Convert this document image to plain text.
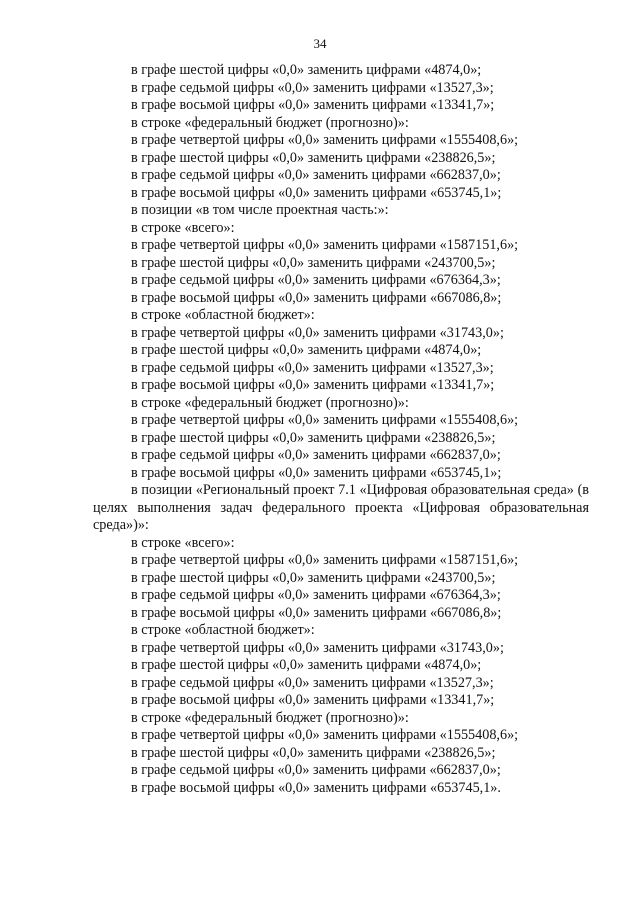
34
в графе шестой цифры «0,0» заменить цифрами «4874,0»;
в графе седьмой цифры «0,0» заменить цифрами «13527,3»;
в графе восьмой цифры «0,0» заменить цифрами «13341,7»;
в строке «федеральный бюджет (прогнозно)»:
в графе четвертой цифры «0,0» заменить цифрами «1555408,6»;
в графе шестой цифры «0,0» заменить цифрами «238826,5»;
в графе седьмой цифры «0,0» заменить цифрами «662837,0»;
в графе восьмой цифры «0,0» заменить цифрами «653745,1»;
в позиции «в том числе проектная часть:»:
в строке «всего»:
в графе четвертой цифры «0,0» заменить цифрами «1587151,6»;
в графе шестой цифры «0,0» заменить цифрами «243700,5»;
в графе седьмой цифры «0,0» заменить цифрами «676364,3»;
в графе восьмой цифры «0,0» заменить цифрами «667086,8»;
в строке «областной бюджет»:
в графе четвертой цифры «0,0» заменить цифрами «31743,0»;
в графе шестой цифры «0,0» заменить цифрами «4874,0»;
в графе седьмой цифры «0,0» заменить цифрами «13527,3»;
в графе восьмой цифры «0,0» заменить цифрами «13341,7»;
в строке «федеральный бюджет (прогнозно)»:
в графе четвертой цифры «0,0» заменить цифрами «1555408,6»;
в графе шестой цифры «0,0» заменить цифрами «238826,5»;
в графе седьмой цифры «0,0» заменить цифрами «662837,0»;
в графе восьмой цифры «0,0» заменить цифрами «653745,1»;
в позиции «Региональный проект 7.1 «Цифровая образовательная среда» (в целях выполнения задач федерального проекта «Цифровая образовательная среда»)»:
в строке «всего»:
в графе четвертой цифры «0,0» заменить цифрами «1587151,6»;
в графе шестой цифры «0,0» заменить цифрами «243700,5»;
в графе седьмой цифры «0,0» заменить цифрами «676364,3»;
в графе восьмой цифры «0,0» заменить цифрами «667086,8»;
в строке «областной бюджет»:
в графе четвертой цифры «0,0» заменить цифрами «31743,0»;
в графе шестой цифры «0,0» заменить цифрами «4874,0»;
в графе седьмой цифры «0,0» заменить цифрами «13527,3»;
в графе восьмой цифры «0,0» заменить цифрами «13341,7»;
в строке «федеральный бюджет (прогнозно)»:
в графе четвертой цифры «0,0» заменить цифрами «1555408,6»;
в графе шестой цифры «0,0» заменить цифрами «238826,5»;
в графе седьмой цифры «0,0» заменить цифрами «662837,0»;
в графе восьмой цифры «0,0» заменить цифрами «653745,1».
